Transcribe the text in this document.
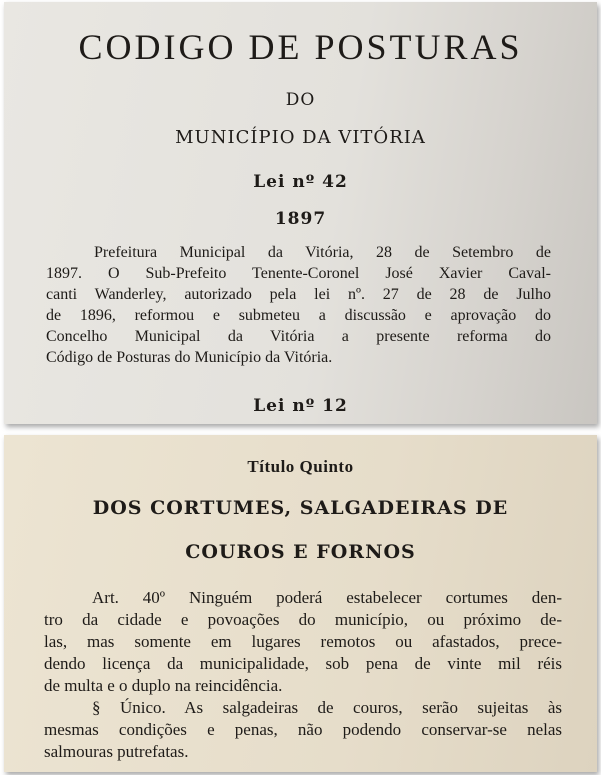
CODIGO DE POSTURAS
DO
MUNICÍPIO DA VITÓRIA
Lei nº 42
1897

Prefeitura Municipal da Vitória, 28 de Setembro de
1897. O Sub-Prefeito Tenente-Coronel José Xavier Caval-
canti Wanderley, autorizado pela lei nº. 27 de 28 de Julho
de 1896, reformou e submeteu a discussão e aprovação do
Concelho Municipal da Vitória a presente reforma do
Código de Posturas do Município da Vitória.

Lei nº 12
Título Quinto
DOS CORTUMES, SALGADEIRAS DE
COUROS E FORNOS

Art. 40º Ninguém poderá estabelecer cortumes den-
tro da cidade e povoações do município, ou próximo de-
las, mas somente em lugares remotos ou afastados, prece-
dendo licença da municipalidade, sob pena de vinte mil réis
de multa e o duplo na reincidência.
§ Único. As salgadeiras de couros, serão sujeitas às
mesmas condições e penas, não podendo conservar-se nelas
salmouras putrefatas.
